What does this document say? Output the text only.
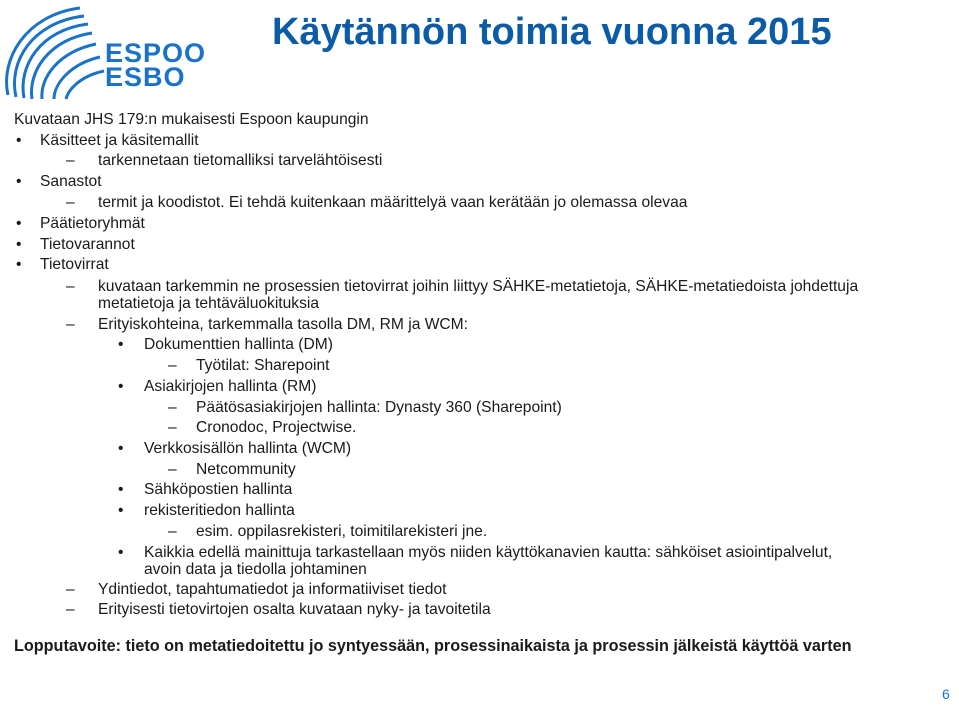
ESPOO
ESBO
Käytännön toimia vuonna 2015
Kuvataan JHS 179:n mukaisesti Espoon kaupungin
• Käsitteet ja käsitemallit
– tarkennetaan tietomalliksi tarvelähtöisesti
• Sanastot
– termit ja koodistot. Ei tehdä kuitenkaan määrittelyä vaan kerätään jo olemassa olevaa
• Päätietoryhmät
• Tietovarannot
• Tietovirrat
– kuvataan tarkemmin ne prosessien tietovirrat joihin liittyy SÄHKE-metatietoja, SÄHKE-metatiedoista johdettuja
metatietoja ja tehtäväluokituksia
– Erityiskohteina, tarkemmalla tasolla DM, RM ja WCM:
• Dokumenttien hallinta (DM)
– Työtilat: Sharepoint
• Asiakirjojen hallinta (RM)
– Päätösasiakirjojen hallinta: Dynasty 360 (Sharepoint)
– Cronodoc, Projectwise.
• Verkkosisällön hallinta (WCM)
– Netcommunity
• Sähköpostien hallinta
• rekisteritiedon hallinta
– esim. oppilasrekisteri, toimitilarekisteri jne.
• Kaikkia edellä mainittuja tarkastellaan myös niiden käyttökanavien kautta: sähköiset asiointipalvelut,
avoin data ja tiedolla johtaminen
– Ydintiedot, tapahtumatiedot ja informatiiviset tiedot
– Erityisesti tietovirtojen osalta kuvataan nyky- ja tavoitetila
Lopputavoite: tieto on metatiedoitettu jo syntyessään, prosessinaikaista ja prosessin jälkeistä käyttöä varten
6
